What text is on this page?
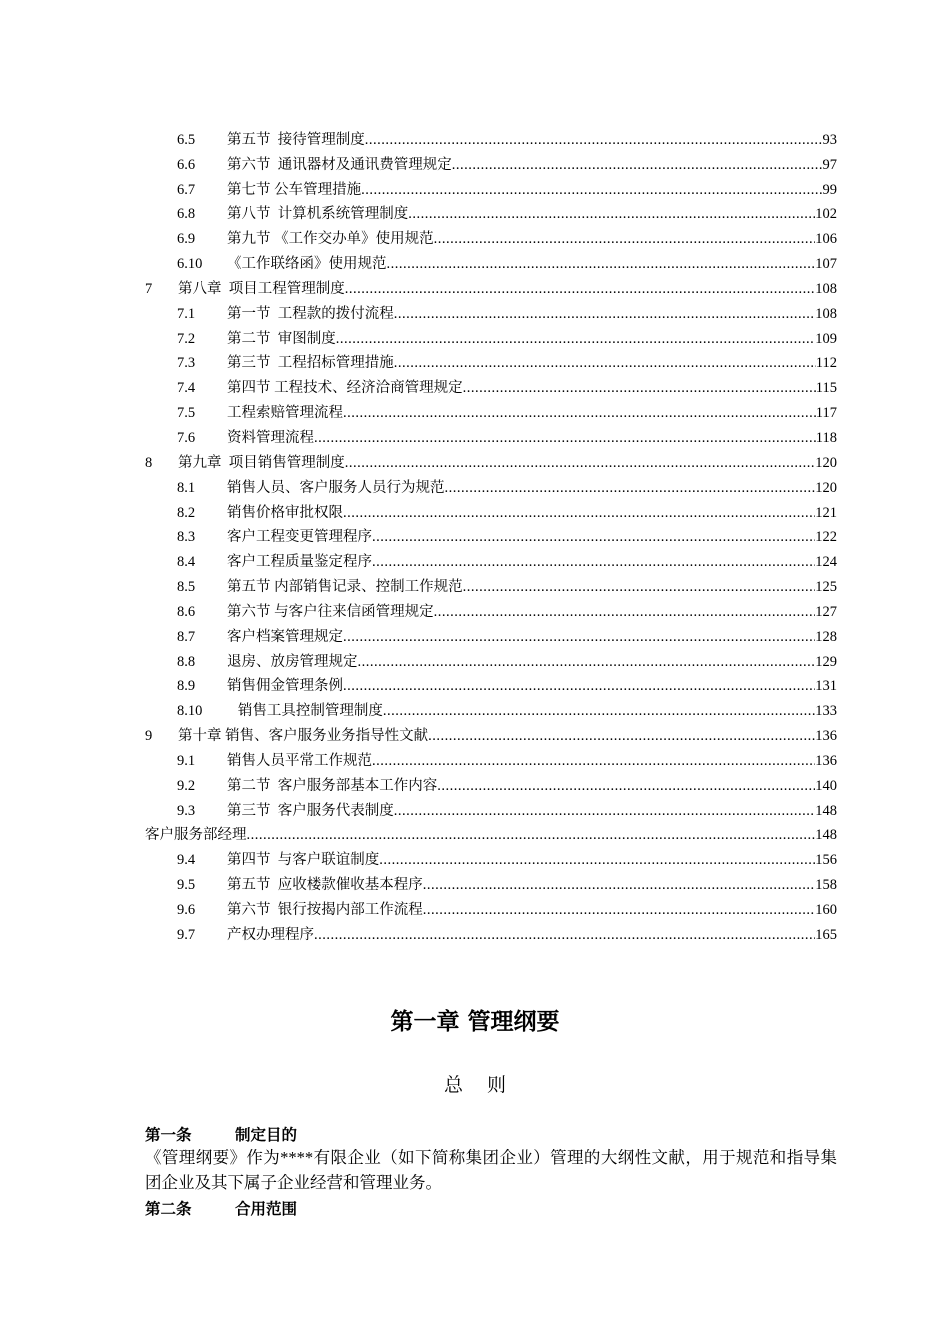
6.5	第五节  接待管理制度 .....	93
6.6	第六节  通讯器材及通讯费管理规定 .....	97
6.7	第七节 公车管理措施 .....	99
6.8	第八节  计算机系统管理制度 .....	102
6.9	第九节 《工作交办单》使用规范 .....	106
6.10	《工作联络函》使用规范 .....	107
7	第八章  项目工程管理制度 .....	108
7.1	第一节  工程款的拨付流程 .....	108
7.2	第二节  审图制度 .....	109
7.3	第三节  工程招标管理措施 .....	112
7.4	第四节 工程技术、经济洽商管理规定 .....	115
7.5	工程索赔管理流程 .....	117
7.6	资料管理流程 .....	118
8	第九章  项目销售管理制度 .....	120
8.1	销售人员、客户服务人员行为规范 .....	120
8.2	销售价格审批权限 .....	121
8.3	客户工程变更管理程序 .....	122
8.4	客户工程质量鉴定程序 .....	124
8.5	第五节 内部销售记录、控制工作规范 .....	125
8.6	第六节 与客户往来信函管理规定 .....	127
8.7	客户档案管理规定 .....	128
8.8	退房、放房管理规定 .....	129
8.9	销售佣金管理条例 .....	131
8.10	销售工具控制管理制度 .....	133
9	第十章 销售、客户服务业务指导性文献 .....	136
9.1	销售人员平常工作规范 .....	136
9.2	第二节  客户服务部基本工作内容 .....	140
9.3	第三节  客户服务代表制度 .....	148
客户服务部经理 .....	148
9.4	第四节  与客户联谊制度 .....	156
9.5	第五节  应收楼款催收基本程序 .....	158
9.6	第六节  银行按揭内部工作流程 .....	160
9.7	产权办理程序 .....	165
第一章 管理纲要
总则
第一条	制定目的
《管理纲要》作为****有限企业（如下简称集团企业）管理的大纲性文献，用于规范和指导集团企业及其下属子企业经营和管理业务。
第二条	合用范围
